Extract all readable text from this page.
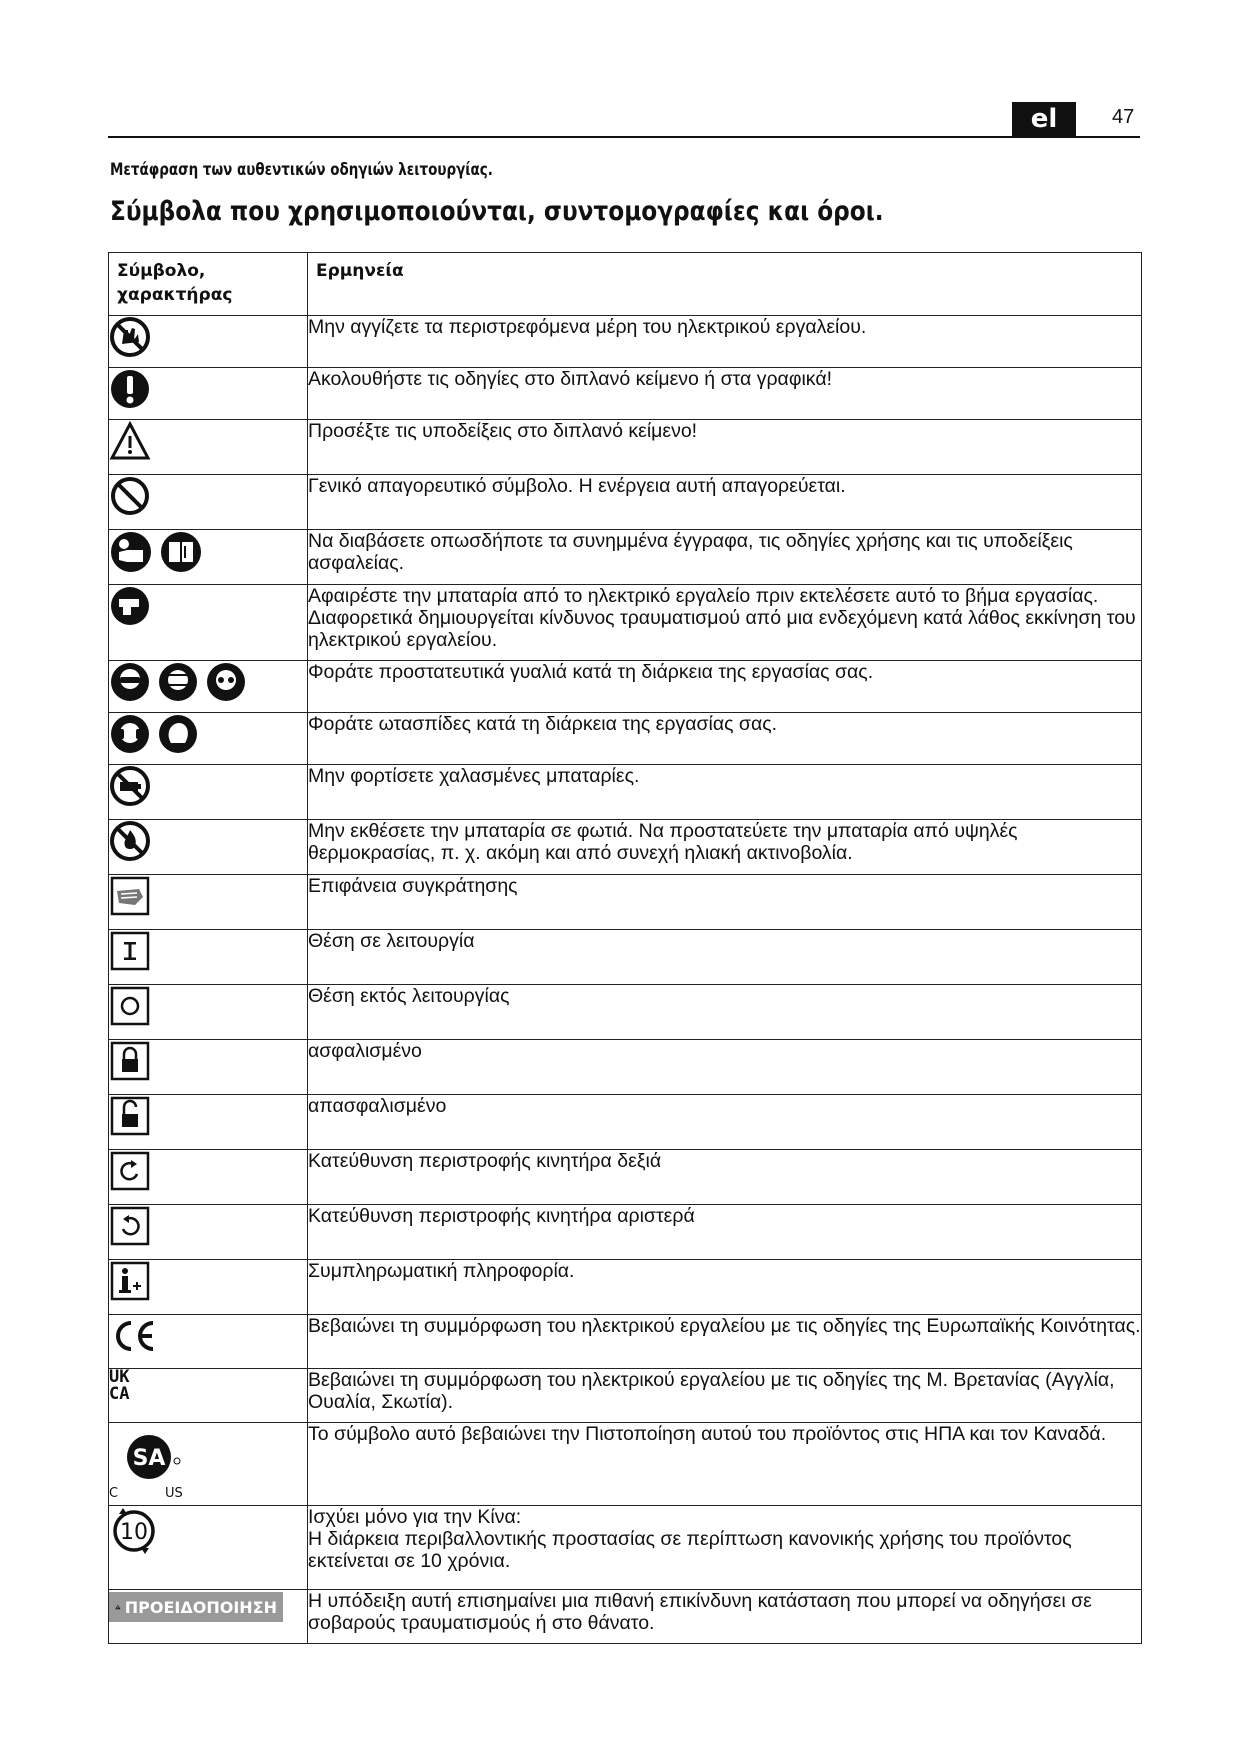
el	47
Μετάφραση των αυθεντικών οδηγιών λειτουργίας.
Σύμβολα που χρησιμοποιούνται, συντομογραφίες και όροι.
Σύμβολο, χαρακτήρας	Ερμηνεία

	Μην αγγίζετε τα περιστρεφόμενα μέρη του ηλεκτρικού εργαλείου.

	Ακολουθήστε τις οδηγίες στο διπλανό κείμενο ή στα γραφικά!

	Προσέξτε τις υποδείξεις στο διπλανό κείμενο!

	Γενικό απαγορευτικό σύμβολο. Η ενέργεια αυτή απαγορεύεται.

	Να διαβάσετε οπωσδήποτε τα συνημμένα έγγραφα, τις οδηγίες χρήσης και τις υποδείξεις ασφαλείας.

	Αφαιρέστε την μπαταρία από το ηλεκτρικό εργαλείο πριν εκτελέσετε αυτό το βήμα εργασίας. Διαφορετικά δημιουργείται κίνδυνος τραυματισμού από μια ενδεχόμενη κατά λάθος εκκίνηση του ηλεκτρικού εργαλείου.

	Φοράτε προστατευτικά γυαλιά κατά τη διάρκεια της εργασίας σας.

	Φοράτε ωτασπίδες κατά τη διάρκεια της εργασίας σας.

	Μην φορτίσετε χαλασμένες μπαταρίες.

	Μην εκθέσετε την μπαταρία σε φωτιά. Να προστατεύετε την μπαταρία από υψηλές θερμοκρασίας, π. χ. ακόμη και από συνεχή ηλιακή ακτινοβολία.

	Επιφάνεια συγκράτησης

	Θέση σε λειτουργία

	Θέση εκτός λειτουργίας

	ασφαλισμένο

	απασφαλισμένο

	Κατεύθυνση περιστροφής κινητήρα δεξιά

	Κατεύθυνση περιστροφής κινητήρα αριστερά

	Συμπληρωματική πληροφορία.

	Βεβαιώνει τη συμμόρφωση του ηλεκτρικού εργαλείου με τις οδηγίες της Ευρωπαϊκής Κοινότητας.

UK
CA	Βεβαιώνει τη συμμόρφωση του ηλεκτρικού εργαλείου με τις οδηγίες της Μ. Βρετανίας (Αγγλία, Ουαλία, Σκωτία).

SA
C US	Το σύμβολο αυτό βεβαιώνει την Πιστοποίηση αυτού του προϊόντος στις ΗΠΑ και τον Καναδά.

10	Ισχύει μόνο για την Κίνα:
Η διάρκεια περιβαλλοντικής προστασίας σε περίπτωση κανονικής χρήσης του προϊόντος εκτείνεται σε 10 χρόνια.

ΠΡΟΕΙΔΟΠΟΙΗΣΗ	Η υπόδειξη αυτή επισημαίνει μια πιθανή επικίνδυνη κατάσταση που μπορεί να οδηγήσει σε σοβαρούς τραυματισμούς ή στο θάνατο.
